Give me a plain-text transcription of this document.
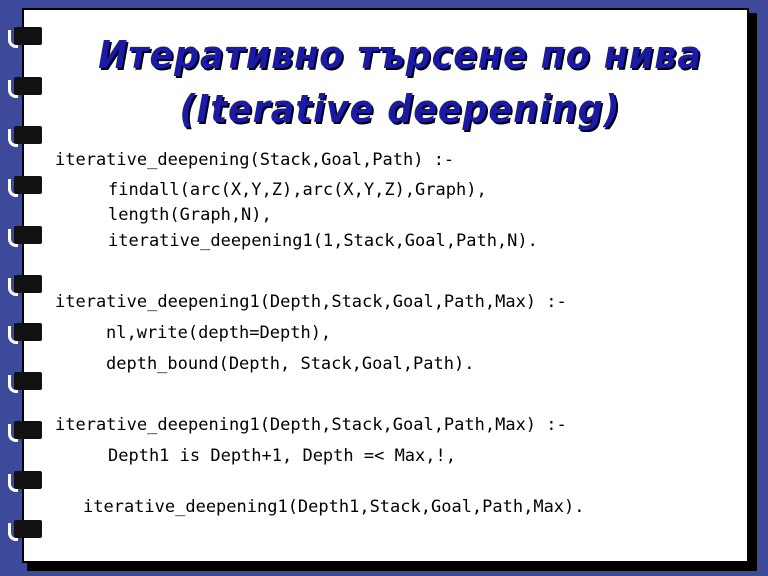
Итеративно търсене по нива
(Iterative deepening)
iterative_deepening(Stack,Goal,Path) :-
findall(arc(X,Y,Z),arc(X,Y,Z),Graph),
length(Graph,N),
iterative_deepening1(1,Stack,Goal,Path,N).
iterative_deepening1(Depth,Stack,Goal,Path,Max) :-
nl,write(depth=Depth),
depth_bound(Depth, Stack,Goal,Path).
iterative_deepening1(Depth,Stack,Goal,Path,Max) :-
Depth1 is Depth+1, Depth =< Max,!,
iterative_deepening1(Depth1,Stack,Goal,Path,Max).
